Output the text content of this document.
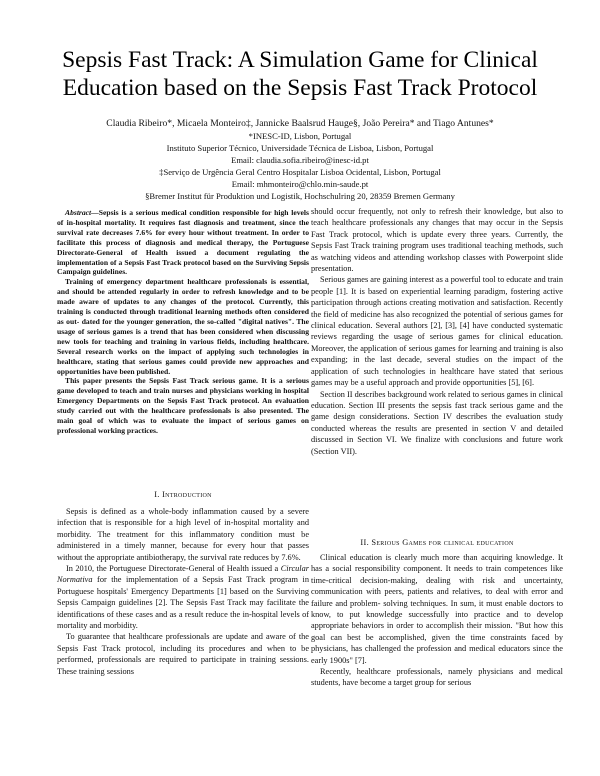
Sepsis Fast Track: A Simulation Game for Clinical
Education based on the Sepsis Fast Track Protocol
Claudia Ribeiro*, Micaela Monteiro‡, Jannicke Baalsrud Hauge§, João Pereira* and Tiago Antunes*
*INESC-ID, Lisbon, Portugal
Instituto Superior Técnico, Universidade Técnica de Lisboa, Lisbon, Portugal
Email: claudia.sofia.ribeiro@inesc-id.pt
‡Serviço de Urgência Geral Centro Hospitalar Lisboa Ocidental, Lisbon, Portugal
Email: mhmonteiro@chlo.min-saude.pt
§Bremer Institut für Produktion und Logistik, Hochschulring 20, 28359 Bremen Germany

Abstract—Sepsis is a serious medical condition responsible for high levels of in-hospital mortality. It requires fast diagnosis and treatment, since the survival rate decreases 7.6% for every hour without treatment. In order to facilitate this process of diagnosis and medical therapy, the Portuguese Directorate-General of Health issued a document regulating the implementation of a Sepsis Fast Track protocol based on the Surviving Sepsis Campaign guidelines.

Training of emergency department healthcare professionals is essential, and should be attended regularly in order to refresh knowledge and to be made aware of updates to any changes of the protocol. Currently, this training is conducted through traditional learning methods often considered as out- dated for the younger generation, the so-called "digital natives". The usage of serious games is a trend that has been considered when discussing new tools for teaching and training in various fields, including healthcare. Several research works on the impact of applying such technologies in healthcare, stating that serious games could provide new approaches and opportunities have been published.

This paper presents the Sepsis Fast Track serious game. It is a serious game developed to teach and train nurses and physicians working in hospital Emergency Departments on the Sepsis Fast Track protocol. An evaluation study carried out with the healthcare professionals is also presented. The main goal of which was to evaluate the impact of serious games on professional working practices.

I. Introduction

Sepsis is defined as a whole-body inflammation caused by a severe infection that is responsible for a high level of in-hospital mortality and morbidity. The treatment for this inflammatory condition must be administered in a timely manner, because for every hour that passes without the appropriate antibiotherapy, the survival rate reduces by 7.6%.

In 2010, the Portuguese Directorate-General of Health issued a Circular Normativa for the implementation of a Sepsis Fast Track program in Portuguese hospitals' Emergency Departments [1] based on the Surviving Sepsis Campaign guidelines [2]. The Sepsis Fast Track may facilitate the identifications of these cases and as a result reduce the in-hospital levels of mortality and morbidity.

To guarantee that healthcare professionals are update and aware of the Sepsis Fast Track protocol, including its procedures and when to be performed, professionals are required to participate in training sessions. These training sessions

should occur frequently, not only to refresh their knowledge, but also to teach healthcare professionals any changes that may occur in the Sepsis Fast Track protocol, which is update every three years. Currently, the Sepsis Fast Track training program uses traditional teaching methods, such as watching videos and attending workshop classes with Powerpoint slide presentation.

Serious games are gaining interest as a powerful tool to educate and train people [1]. It is based on experiential learning paradigm, fostering active participation through actions creating motivation and satisfaction. Recently the field of medicine has also recognized the potential of serious games for clinical education. Several authors [2], [3], [4] have conducted systematic reviews regarding the usage of serious games for clinical education. Moreover, the application of serious games for learning and training is also expanding; in the last decade, several studies on the impact of the application of such technologies in healthcare have stated that serious games may be a useful approach and provide opportunities [5], [6].

Section II describes background work related to serious games in clinical education. Section III presents the sepsis fast track serious game and the game design considerations. Section IV describes the evaluation study conducted whereas the results are presented in section V and detailed discussed in Section VI. We finalize with conclusions and future work (Section VII).

II. Serious Games for clinical education

Clinical education is clearly much more than acquiring knowledge. It has a social responsibility component. It needs to train competences like time-critical decision-making, dealing with risk and uncertainty, communication with peers, patients and relatives, to deal with error and failure and problem- solving techniques. In sum, it must enable doctors to know, to put knowledge successfully into practice and to develop appropriate behaviors in order to accomplish their mission. "But how this goal can best be accomplished, given the time constraints faced by physicians, has challenged the profession and medical educators since the early 1900s" [7].

Recently, healthcare professionals, namely physicians and medical students, have become a target group for serious
